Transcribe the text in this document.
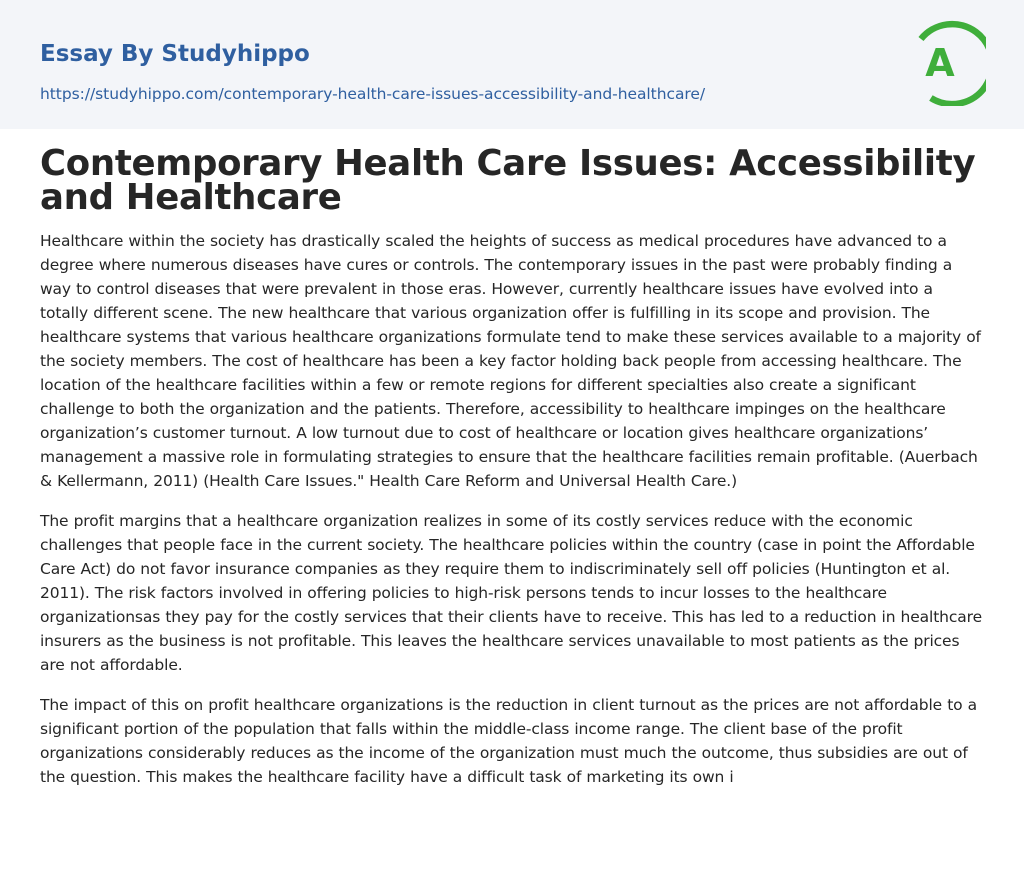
Essay By Studyhippo
https://studyhippo.com/contemporary-health-care-issues-accessibility-and-healthcare/
A
Contemporary Health Care Issues: Accessibility and Healthcare

Healthcare within the society has drastically scaled the heights of success as medical procedures have advanced to a degree where numerous diseases have cures or controls. The contemporary issues in the past were probably finding a way to control diseases that were prevalent in those eras. However, currently healthcare issues have evolved into a totally different scene. The new healthcare that various organization offer is fulfilling in its scope and provision. The healthcare systems that various healthcare organizations formulate tend to make these services available to a majority of the society members. The cost of healthcare has been a key factor holding back people from accessing healthcare. The location of the healthcare facilities within a few or remote regions for different specialties also create a significant challenge to both the organization and the patients. Therefore, accessibility to healthcare impinges on the healthcare organization’s customer turnout. A low turnout due to cost of healthcare or location gives healthcare organizations’ management a massive role in formulating strategies to ensure that the healthcare facilities remain profitable. (Auerbach & Kellermann, 2011) (Health Care Issues." Health Care Reform and Universal Health Care.)

The profit margins that a healthcare organization realizes in some of its costly services reduce with the economic challenges that people face in the current society. The healthcare policies within the country (case in point the Affordable Care Act) do not favor insurance companies as they require them to indiscriminately sell off policies (Huntington et al. 2011). The risk factors involved in offering policies to high-risk persons tends to incur losses to the healthcare organizationsas they pay for the costly services that their clients have to receive. This has led to a reduction in healthcare insurers as the business is not profitable. This leaves the healthcare services unavailable to most patients as the prices are not affordable.

The impact of this on profit healthcare organizations is the reduction in client turnout as the prices are not affordable to a significant portion of the population that falls within the middle-class income range. The client base of the profit organizations considerably reduces as the income of the organization must much the outcome, thus subsidies are out of the question. This makes the healthcare facility have a difficult task of marketing its own i
